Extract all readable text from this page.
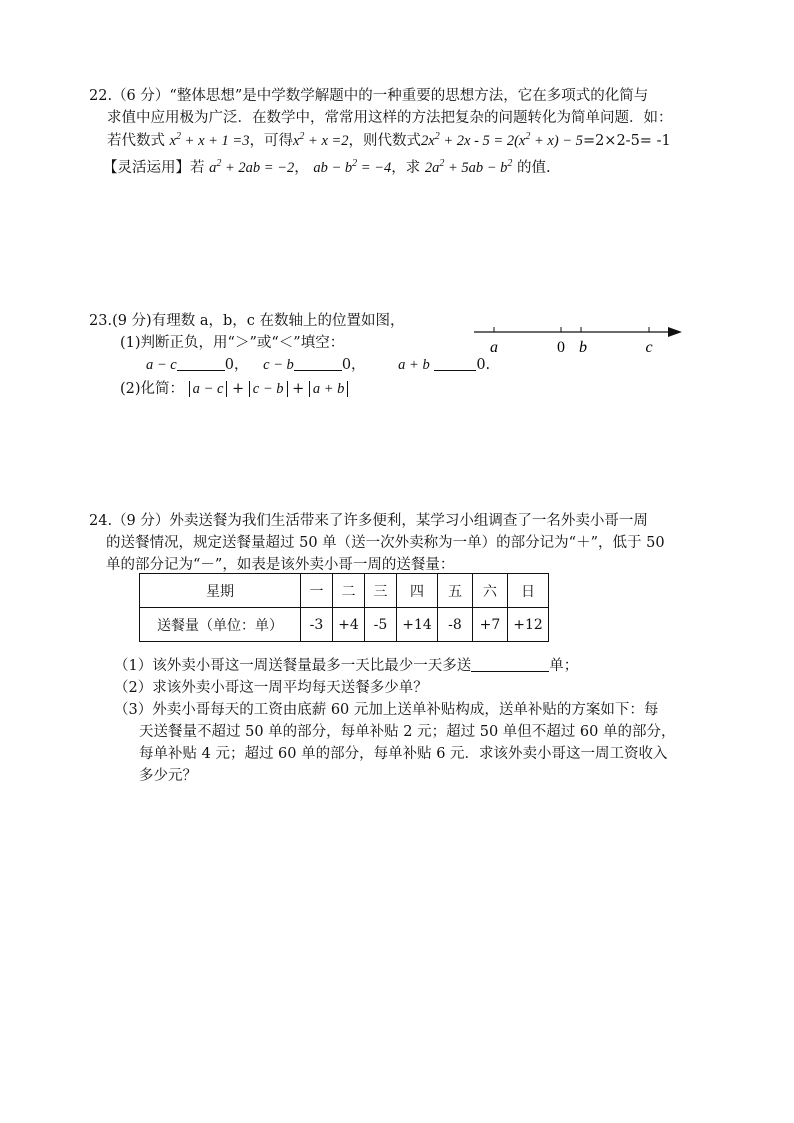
22.（6 分）“整体思想”是中学数学解题中的一种重要的思想方法，它在多项式的化简与
求值中应用极为广泛．在数学中，常常用这样的方法把复杂的问题转化为简单问题．如：
若代数式 $x^2 + x + 1 =3$，可得$x^2 + x =2$，则代数式$2x^2 + 2x - 5 = 2(x^2 + x) - 5=2\times 2-5= -1$
【灵活运用】若 $a^2 + 2ab = -2$， ab − $b^2 = -4$，求 $2a^2 + 5ab - b^2$ 的值.
23.(9 分)有理数 a，b，c 在数轴上的位置如图，
(1)判断正负，用“＞”或“＜”填空：
a − c	0， c − b	0， a + b	0.
(2)化简： a − c + c − b + a + b
a	0 b	c
24.（9 分）外卖送餐为我们生活带来了许多便利，某学习小组调查了一名外卖小哥一周
的送餐情况，规定送餐量超过 50 单（送一次外卖称为一单）的部分记为“＋”，低于 50
单的部分记为“－”，如表是该外卖小哥一周的送餐量：
星期	一	二	三	四	五	六	日
送餐量（单位：单）	-3	+4	-5	+14	-8	+7	+12
（1）该外卖小哥这一周送餐量最多一天比最少一天多送	单；
（2）求该外卖小哥这一周平均每天送餐多少单？
（3）外卖小哥每天的工资由底薪 60 元加上送单补贴构成，送单补贴的方案如下：每
天送餐量不超过 50 单的部分，每单补贴 2 元；超过 50 单但不超过 60 单的部分，
每单补贴 4 元；超过 60 单的部分，每单补贴 6 元．求该外卖小哥这一周工资收入
多少元？
